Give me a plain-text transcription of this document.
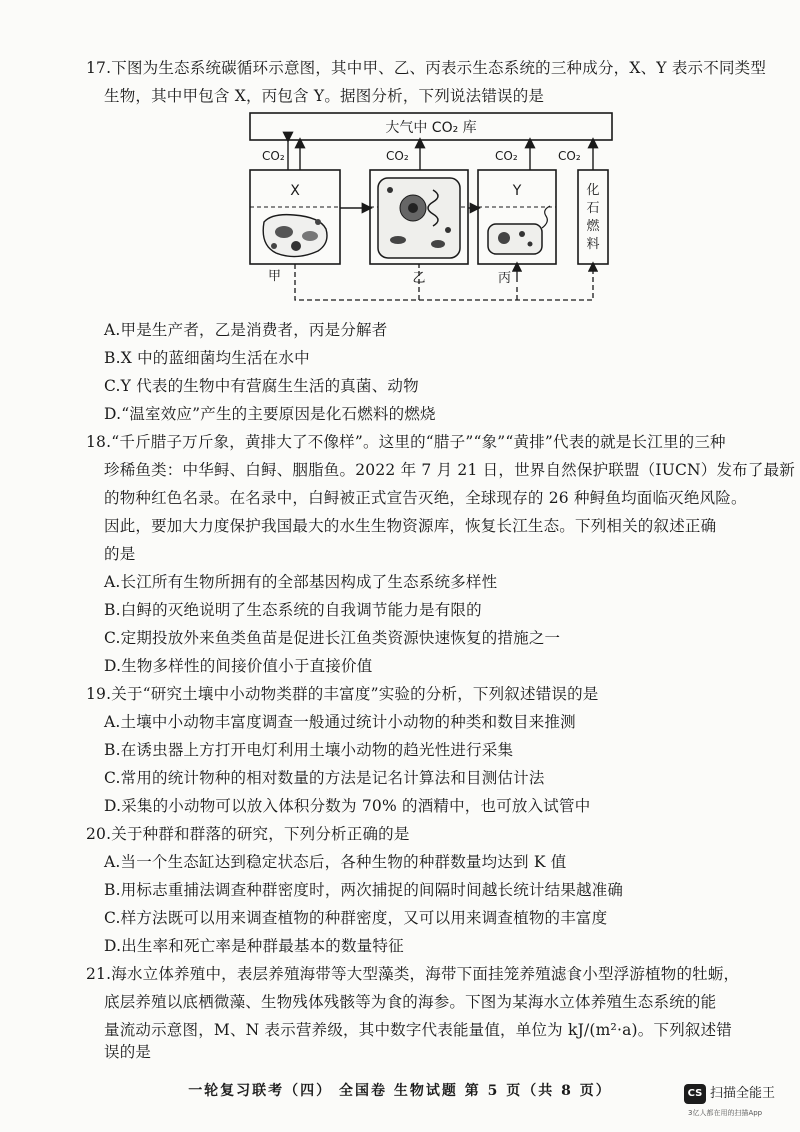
17.下图为生态系统碳循环示意图，其中甲、乙、丙表示生态系统的三种成分，X、Y 表示不同类型
生物，其中甲包含 X，丙包含 Y。据图分析，下列说法错误的是
大气中 CO₂ 库
CO₂	CO₂	CO₂	CO₂
X	Y	化
石
燃
料
甲	乙	丙
A.甲是生产者，乙是消费者，丙是分解者
B.X 中的蓝细菌均生活在水中
C.Y 代表的生物中有营腐生生活的真菌、动物
D.“温室效应”产生的主要原因是化石燃料的燃烧
18.“千斤腊子万斤象，黄排大了不像样”。这里的“腊子”“象”“黄排”代表的就是长江里的三种
珍稀鱼类：中华鲟、白鲟、胭脂鱼。2022 年 7 月 21 日，世界自然保护联盟（IUCN）发布了最新
的物种红色名录。在名录中，白鲟被正式宣告灭绝，全球现存的 26 种鲟鱼均面临灭绝风险。
因此，要加大力度保护我国最大的水生生物资源库，恢复长江生态。下列相关的叙述正确
的是
A.长江所有生物所拥有的全部基因构成了生态系统多样性
B.白鲟的灭绝说明了生态系统的自我调节能力是有限的
C.定期投放外来鱼类鱼苗是促进长江鱼类资源快速恢复的措施之一
D.生物多样性的间接价值小于直接价值
19.关于“研究土壤中小动物类群的丰富度”实验的分析，下列叙述错误的是
A.土壤中小动物丰富度调查一般通过统计小动物的种类和数目来推测
B.在诱虫器上方打开电灯利用土壤小动物的趋光性进行采集
C.常用的统计物种的相对数量的方法是记名计算法和目测估计法
D.采集的小动物可以放入体积分数为 70% 的酒精中，也可放入试管中
20.关于种群和群落的研究，下列分析正确的是
A.当一个生态缸达到稳定状态后，各种生物的种群数量均达到 K 值
B.用标志重捕法调查种群密度时，两次捕捉的间隔时间越长统计结果越准确
C.样方法既可以用来调查植物的种群密度，又可以用来调查植物的丰富度
D.出生率和死亡率是种群最基本的数量特征
21.海水立体养殖中，表层养殖海带等大型藻类，海带下面挂笼养殖滤食小型浮游植物的牡蛎，
底层养殖以底栖微藻、生物残体残骸等为食的海参。下图为某海水立体养殖生态系统的能
量流动示意图，M、N 表示营养级，其中数字代表能量值，单位为 kJ/(m²·a)。下列叙述错
误的是
一轮复习联考（四） 全国卷 生物试题 第 5 页（共 8 页）	CS 扫描全能王
3亿人都在用的扫描App
